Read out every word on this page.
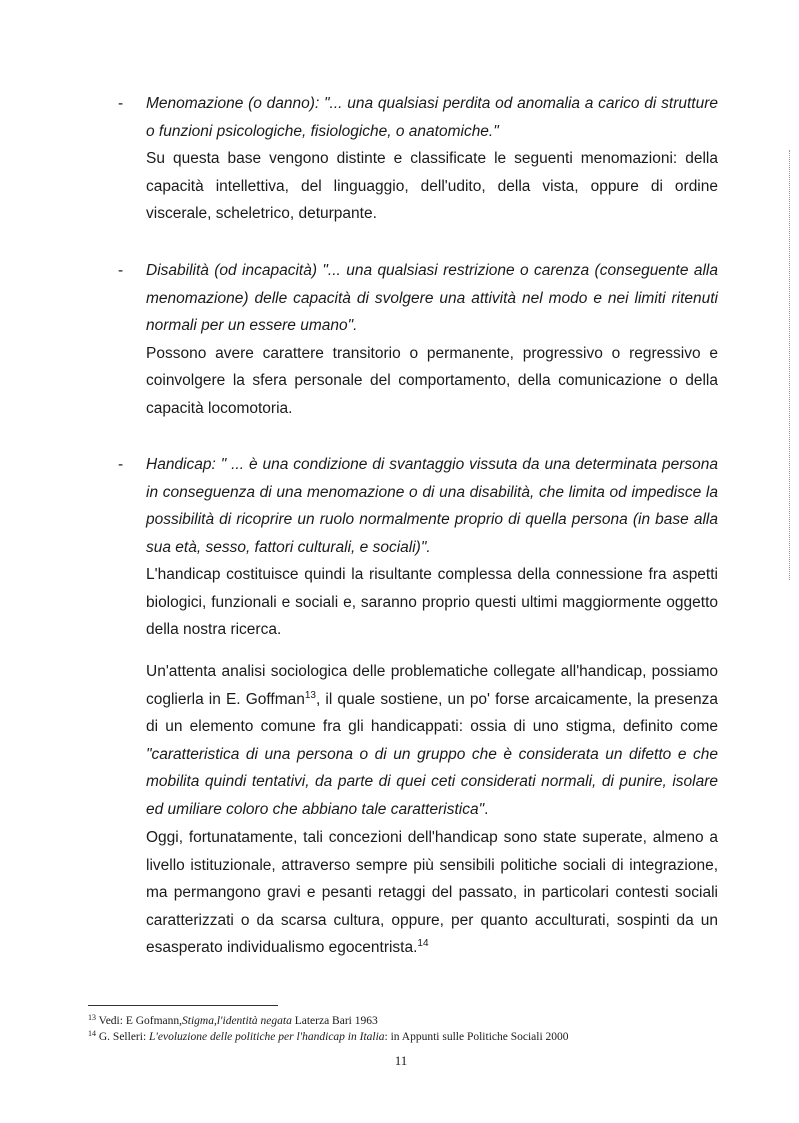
-	Menomazione (o danno): "... una qualsiasi perdita od anomalia a carico di strutture o funzioni psicologiche, fisiologiche, o anatomiche."
Su questa base vengono distinte e classificate le seguenti menomazioni: della capacità intellettiva, del linguaggio, dell'udito, della vista, oppure di ordine viscerale, scheletrico, deturpante.
-	Disabilità (od incapacità) "... una qualsiasi restrizione o carenza (conseguente alla menomazione) delle capacità di svolgere una attività nel modo e nei limiti ritenuti normali per un essere umano".
Possono avere carattere transitorio o permanente, progressivo o regressivo e coinvolgere la sfera personale del comportamento, della comunicazione o della capacità locomotoria.
-	Handicap: " ... è una condizione di svantaggio vissuta da una determinata persona in conseguenza di una menomazione o di una disabilità, che limita od impedisce la possibilità di ricoprire un ruolo normalmente proprio di quella persona (in base alla sua età, sesso, fattori culturali, e sociali)".
L'handicap costituisce quindi la risultante complessa della connessione fra aspetti biologici, funzionali e sociali e, saranno proprio questi ultimi maggiormente oggetto della nostra ricerca.

Un'attenta analisi sociologica delle problematiche collegate all'handicap, possiamo coglierla in E. Goffman$^{13}$, il quale sostiene, un po' forse arcaicamente, la presenza di un elemento comune fra gli handicappati: ossia di uno stigma, definito come "caratteristica di una persona o di un gruppo che è considerata un difetto e che mobilita quindi tentativi, da parte di quei ceti considerati normali, di punire, isolare ed umiliare coloro che abbiano tale caratteristica".

Oggi, fortunatamente, tali concezioni dell'handicap sono state superate, almeno a livello istituzionale, attraverso sempre più sensibili politiche sociali di integrazione, ma permangono gravi e pesanti retaggi del passato, in particolari contesti sociali caratterizzati o da scarsa cultura, oppure, per quanto acculturati, sospinti da un esasperato individualismo egocentrista.$^{14}$

$^{13}$ Vedi: E Gofmann,Stigma,l'identità negata Laterza Bari 1963
$^{14}$ G. Selleri: L'evoluzione delle politiche per l'handicap in Italia: in Appunti sulle Politiche Sociali 2000
11
